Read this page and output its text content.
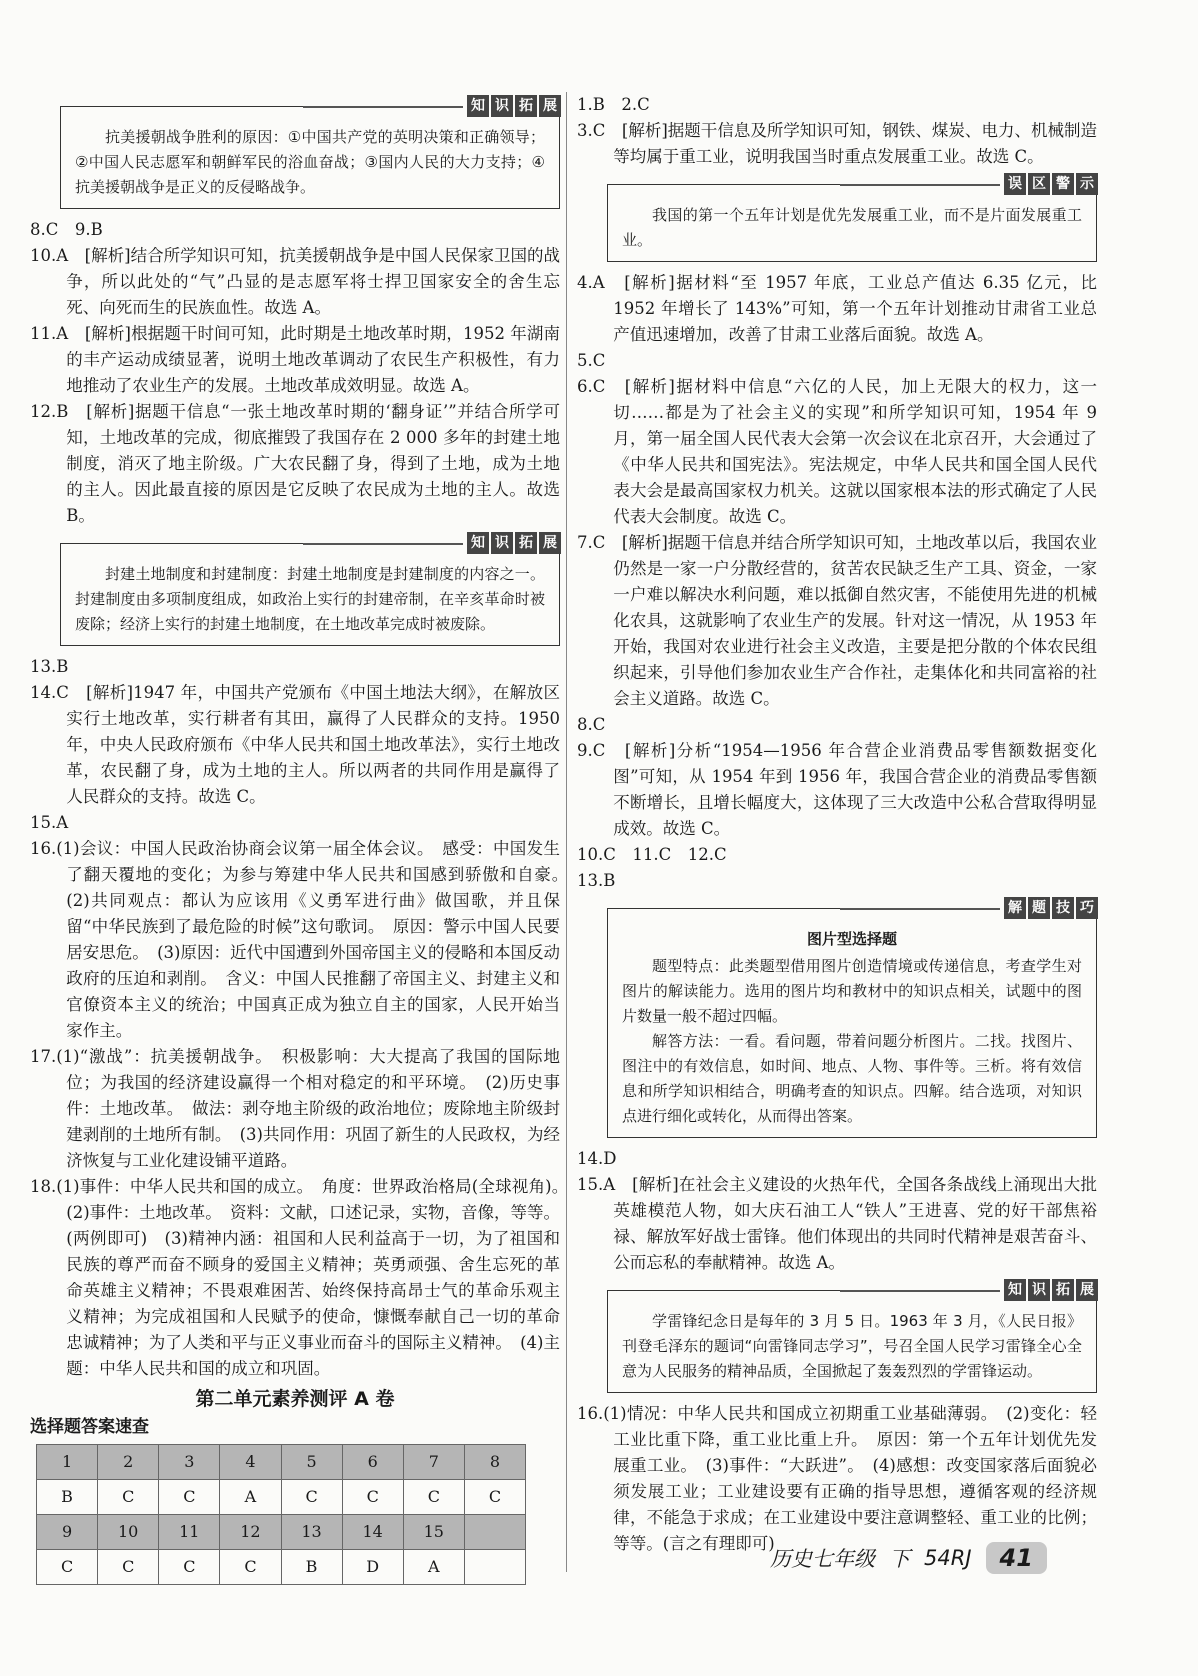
知 识 拓 展

抗美援朝战争胜利的原因：①中国共产党的英明决策和正确领导；②中国人民志愿军和朝鲜军民的浴血奋战；③国内人民的大力支持；④抗美援朝战争是正义的反侵略战争。

8.C　9.B

10.A　[解析]结合所学知识可知，抗美援朝战争是中国人民保家卫国的战争，所以此处的“气”凸显的是志愿军将士捍卫国家安全的舍生忘死、向死而生的民族血性。故选 A。

11.A　[解析]根据题干时间可知，此时期是土地改革时期，1952 年湖南的丰产运动成绩显著，说明土地改革调动了农民生产积极性，有力地推动了农业生产的发展。土地改革成效明显。故选 A。

12.B　[解析]据题干信息“一张土地改革时期的‘翻身证’”并结合所学可知，土地改革的完成，彻底摧毁了我国存在 2 000 多年的封建土地制度，消灭了地主阶级。广大农民翻了身，得到了土地，成为土地的主人。因此最直接的原因是它反映了农民成为土地的主人。故选 B。

知 识 拓 展

封建土地制度和封建制度：封建土地制度是封建制度的内容之一。封建制度由多项制度组成，如政治上实行的封建帝制，在辛亥革命时被废除；经济上实行的封建土地制度，在土地改革完成时被废除。

13.B

14.C　[解析]1947 年，中国共产党颁布《中国土地法大纲》，在解放区实行土地改革，实行耕者有其田，赢得了人民群众的支持。1950 年，中央人民政府颁布《中华人民共和国土地改革法》，实行土地改革，农民翻了身，成为土地的主人。所以两者的共同作用是赢得了人民群众的支持。故选 C。

15.A

16.(1)会议：中国人民政治协商会议第一届全体会议。　感受：中国发生了翻天覆地的变化；为参与筹建中华人民共和国感到骄傲和自豪。　(2)共同观点：都认为应该用《义勇军进行曲》做国歌，并且保留“中华民族到了最危险的时候”这句歌词。　原因：警示中国人民要居安思危。　(3)原因：近代中国遭到外国帝国主义的侵略和本国反动政府的压迫和剥削。　含义：中国人民推翻了帝国主义、封建主义和官僚资本主义的统治；中国真正成为独立自主的国家，人民开始当家作主。

17.(1)“激战”：抗美援朝战争。　积极影响：大大提高了我国的国际地位；为我国的经济建设赢得一个相对稳定的和平环境。　(2)历史事件：土地改革。　做法：剥夺地主阶级的政治地位；废除地主阶级封建剥削的土地所有制。　(3)共同作用：巩固了新生的人民政权，为经济恢复与工业化建设铺平道路。

18.(1)事件：中华人民共和国的成立。　角度：世界政治格局(全球视角)。　(2)事件：土地改革。　资料：文献，口述记录，实物，音像，等等。(两例即可)　(3)精神内涵：祖国和人民利益高于一切，为了祖国和民族的尊严而奋不顾身的爱国主义精神；英勇顽强、舍生忘死的革命英雄主义精神；不畏艰难困苦、始终保持高昂士气的革命乐观主义精神；为完成祖国和人民赋予的使命，慷慨奉献自己一切的革命忠诚精神；为了人类和平与正义事业而奋斗的国际主义精神。　(4)主题：中华人民共和国的成立和巩固。

第二单元素养测评 A 卷
选择题答案速查
1	2	3	4	5	6	7	8
B	C	C	A	C	C	C	C
9	10	11	12	13	14	15	
C	C	C	C	B	D	A	

1.B　2.C

3.C　[解析]据题干信息及所学知识可知，钢铁、煤炭、电力、机械制造等均属于重工业，说明我国当时重点发展重工业。故选 C。

误 区 警 示

我国的第一个五年计划是优先发展重工业，而不是片面发展重工业。

4.A　[解析]据材料“至 1957 年底，工业总产值达 6.35 亿元，比 1952 年增长了 143%”可知，第一个五年计划推动甘肃省工业总产值迅速增加，改善了甘肃工业落后面貌。故选 A。

5.C

6.C　[解析]据材料中信息“六亿的人民，加上无限大的权力，这一切……都是为了社会主义的实现”和所学知识可知，1954 年 9 月，第一届全国人民代表大会第一次会议在北京召开，大会通过了《中华人民共和国宪法》。宪法规定，中华人民共和国全国人民代表大会是最高国家权力机关。这就以国家根本法的形式确定了人民代表大会制度。故选 C。

7.C　[解析]据题干信息并结合所学知识可知，土地改革以后，我国农业仍然是一家一户分散经营的，贫苦农民缺乏生产工具、资金，一家一户难以解决水利问题，难以抵御自然灾害，不能使用先进的机械化农具，这就影响了农业生产的发展。针对这一情况，从 1953 年开始，我国对农业进行社会主义改造，主要是把分散的个体农民组织起来，引导他们参加农业生产合作社，走集体化和共同富裕的社会主义道路。故选 C。

8.C

9.C　[解析]分析“1954—1956 年合营企业消费品零售额数据变化图”可知，从 1954 年到 1956 年，我国合营企业的消费品零售额不断增长，且增长幅度大，这体现了三大改造中公私合营取得明显成效。故选 C。

10.C　11.C　12.C

13.B

解 题 技 巧

图片型选择题

题型特点：此类题型借用图片创造情境或传递信息，考查学生对图片的解读能力。选用的图片均和教材中的知识点相关，试题中的图片数量一般不超过四幅。

解答方法：一看。看问题，带着问题分析图片。二找。找图片、图注中的有效信息，如时间、地点、人物、事件等。三析。将有效信息和所学知识相结合，明确考查的知识点。四解。结合选项，对知识点进行细化或转化，从而得出答案。

14.D

15.A　[解析]在社会主义建设的火热年代，全国各条战线上涌现出大批英雄模范人物，如大庆石油工人“铁人”王进喜、党的好干部焦裕禄、解放军好战士雷锋。他们体现出的共同时代精神是艰苦奋斗、公而忘私的奉献精神。故选 A。

知 识 拓 展

学雷锋纪念日是每年的 3 月 5 日。1963 年 3 月，《人民日报》刊登毛泽东的题词“向雷锋同志学习”，号召全国人民学习雷锋全心全意为人民服务的精神品质，全国掀起了轰轰烈烈的学雷锋运动。

16.(1)情况：中华人民共和国成立初期重工业基础薄弱。　(2)变化：轻工业比重下降，重工业比重上升。　原因：第一个五年计划优先发展重工业。　(3)事件：“大跃进”。　(4)感想：改变国家落后面貌必须发展工业；工业建设要有正确的指导思想，遵循客观的经济规律，不能急于求成；在工业建设中要注意调整轻、重工业的比例；等等。(言之有理即可)

历史七年级 下 54RJ	41
